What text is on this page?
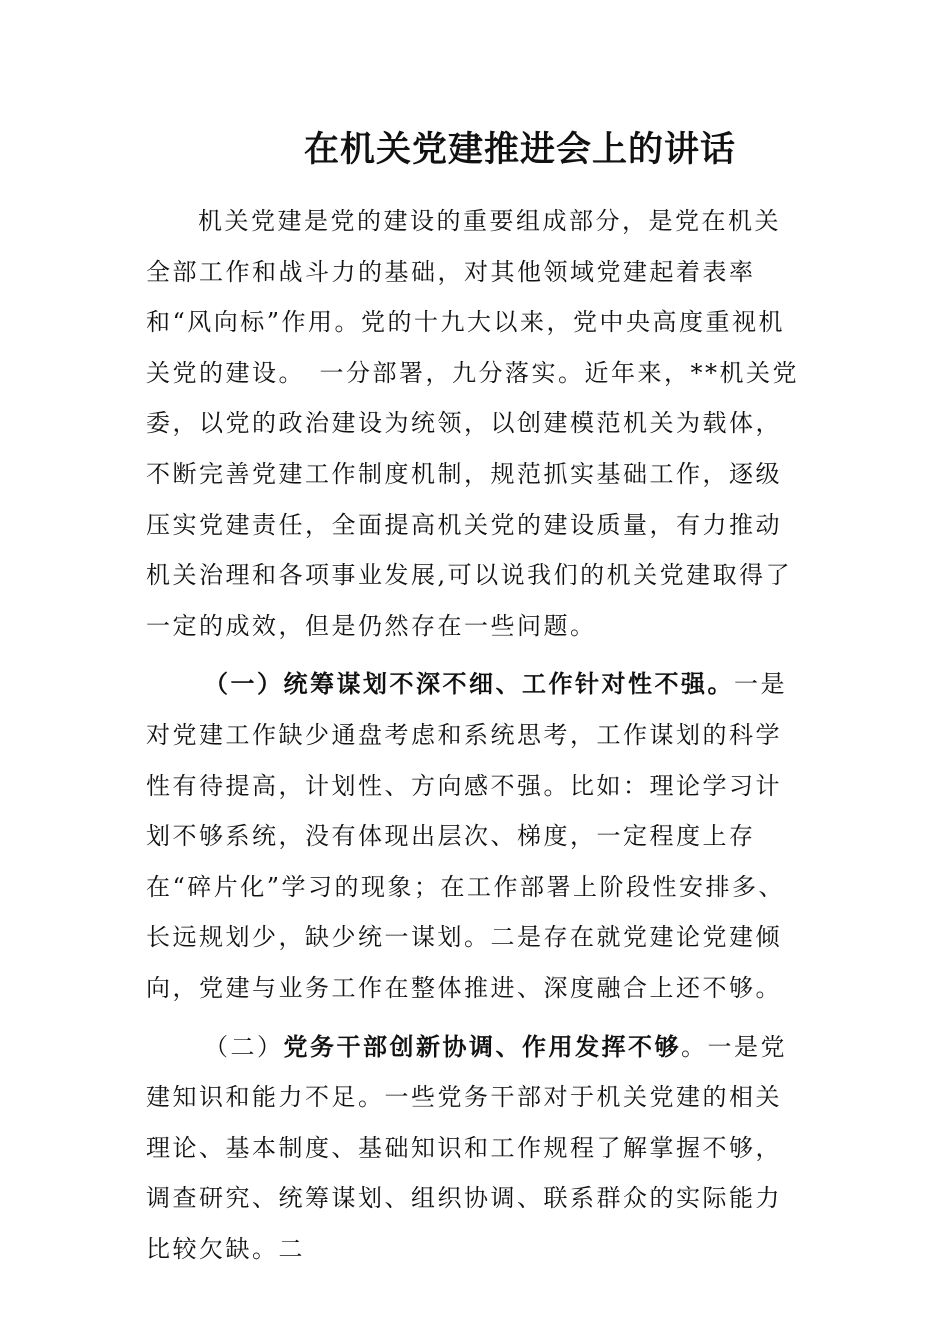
在机关党建推进会上的讲话

机关党建是党的建设的重要组成部分，是党在机关全部工作和战斗力的基础，对其他领域党建起着表率和“风向标”作用。党的十九大以来，党中央高度重视机关党的建设。　一分部署，九分落实。近年来，**机关党委，以党的政治建设为统领，以创建模范机关为载体，不断完善党建工作制度机制，规范抓实基础工作，逐级压实党建责任，全面提高机关党的建设质量，有力推动机关治理和各项事业发展,可以说我们的机关党建取得了一定的成效，但是仍然存在一些问题。

（一）统筹谋划不深不细、工作针对性不强。一是对党建工作缺少通盘考虑和系统思考，工作谋划的科学性有待提高，计划性、方向感不强。比如：理论学习计划不够系统，没有体现出层次、梯度，一定程度上存在“碎片化”学习的现象；在工作部署上阶段性安排多、长远规划少，缺少统一谋划。二是存在就党建论党建倾向，党建与业务工作在整体推进、深度融合上还不够。

（二）党务干部创新协调、作用发挥不够。一是党建知识和能力不足。一些党务干部对于机关党建的相关理论、基本制度、基础知识和工作规程了解掌握不够，调查研究、统筹谋划、组织协调、联系群众的实际能力比较欠缺。二
